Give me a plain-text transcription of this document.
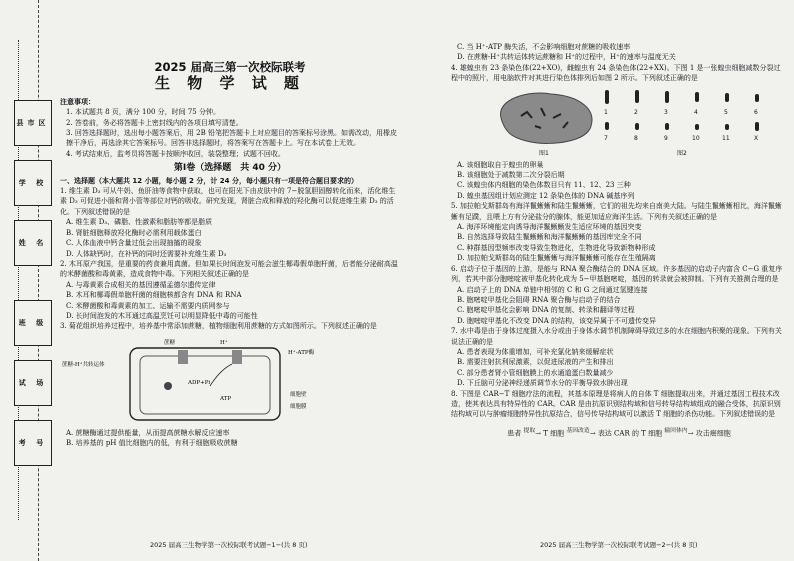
县市区
学 校
姓 名
班 级
试 场
考 号
2025 届高三第一次校际联考
生 物 学 试 题
注意事项：

1. 本试题共 8 页，满分 100 分，时间 75 分钟。

2. 答卷前，务必将答题卡上密封线内的各项目填写清楚。

3. 回答选择题时，选出每小题答案后，用 2B 铅笔把答题卡上对应题目的答案标号涂黑。如需改动，用橡皮擦干净后，再选涂其它答案标号。回答非选择题时，将答案写在答题卡上。写在本试卷上无效。

4. 考试结束后，监考员将答题卡按顺序收回，装袋整理；试题不回收。

第Ⅰ卷（选择题　共 40 分）

一、选择题（本大题共 12 小题，每小题 2 分，计 24 分，每小题只有一项是符合题目要求的）

1. 维生素 D₃ 可从牛奶、鱼肝油等食物中获取，也可在阳光下由皮肤中的 7−脱氢胆固醇转化而来，活化维生素 D₃ 可促进小肠和肾小管等部位对钙的吸收。研究发现，肾脏合成和释放的羟化酶可以促进维生素 D₃ 的活化。下列叙述错误的是

A. 维生素 D₃、磷脂、性激素和脂肪等都是脂质

B. 肾脏细胞释放羟化酶时必需利用载体蛋白

C. 人体血液中钙含量过低会出现抽搐的现象

D. 人体缺钙时，在补钙的同时还需要补充维生素 D₃

2. 木耳原产我国，是重要的药食兼用真菌。但如果长时间泡发可能会滋生椰毒假单胞杆菌，后者能分泌耐高温的米酵菌酸和毒黄素，造成食物中毒。下列相关叙述正确的是

A. 与毒黄素合成相关的基因遵循孟德尔遗传定律

B. 木耳和椰毒假单胞杆菌的细胞核都含有 DNA 和 RNA

C. 米酵菌酸和毒黄素的加工、运输不需要内质网参与

D. 长时间泡发的木耳通过高温烹饪可以明显降低中毒的可能性

3. 菊花组织培养过程中，培养基中常添加蔗糖，植物细胞利用蔗糖的方式如图所示。下列叙述正确的是

蔗糖-H⁺共转运体
蔗糖	H⁺
ADP+Pi
ATP
H⁺-ATP酶
细胞壁
细胞膜

A. 蔗糖酶通过提供能量，从而提高蔗糖水解反应速率

B. 培养基的 pH 值比细胞内的低，有利于细胞吸收蔗糖

2025 届高三生物学第一次校际联考试题−1−(共 8 页)

C. 当 H⁺-ATP 酶失活，不会影响细胞对蔗糖的吸收速率

D. 在蔗糖-H⁺共转运体转运蔗糖和 H⁺的过程中，H⁺的速率与温度无关

4. 雄蝗虫有 23 条染色体(22+XO)，雌蝗虫有 24 条染色体(22+XX)。下图 1 是一张蝗虫细胞减数分裂过程中的照片，用电脑软件对其进行染色体排列后如图 2 所示。下列叙述正确的是

1	2	3	4	5	6
7	8	9	10	11	X
图1	图2

A. 该细胞取自于蝗虫的卵巢

B. 该细胞处于减数第二次分裂后期

C. 该蝗虫体内细胞的染色体数目只有 11、12、23 三种

D. 蝗虫基因组计划应测定 12 条染色体的 DNA 碱基序列

5. 加拉帕戈斯群岛有海洋鬣蜥蜥和陆生鬣蜥蜥，它们的祖先均来自南美大陆。与陆生鬣蜥蜥相比，海洋鬣蜥蜥有足蹼，且喂上方有分泌盐分的腺体，能更加适应海洋生活。下列有关叙述正确的是

A. 海洋环境能定向诱导海洋鬣蜥蜥发生适应环境的基因突变

B. 自然选择导致陆生鬣蜥蜥和海洋鬣蜥蜥的基因库完全不同

C. 种群基因型频率改变导致生物进化，生物进化导致新物种形成

D. 加拉帕戈斯群岛的陆生鬣蜥蜥与海洋鬣蜥蜥可能存在生殖隔离

6. 启动子位于基因的上游，是能与 RNA 聚合酶结合的 DNA 区域。许多基因的启动子内富含 C−G 重复序列，若其中部分胞嘧啶被甲基化转化成为 5−甲基胞嘧啶，基因的转录就会被抑制。下列有关推测合理的是

A. 启动子上的 DNA 单链中相邻的 C 和 G 之间通过氢键连接

B. 胞嘧啶甲基化会阻碍 RNA 聚合酶与启动子的结合

C. 胞嘧啶甲基化会影响 DNA 的复制、转录和翻译等过程

D. 胞嘧啶甲基化不改变 DNA 的结构，该变异属于不可遗传变异

7. 水中毒是由于身体过度摄入水分或由于身体水调节机制障碍导致过多的水在细胞内积聚的现象。下列有关说法正确的是

A. 患者表现为体重增加，可补充氯化钠来缓解症状

B. 需要注射抗利尿激素，以促进尿液的产生和排出

C. 部分患者肾小管细胞膜上的水通道蛋白数量减少

D. 下丘脑可分泌神经递质调节水分的平衡导致水肿出现

8. 下图是 CAR−T 细胞疗法的流程，其基本原理是将病人的自体 T 细胞提取出来，并通过基因工程技术改造，使其表达具有特异性的 CAR。CAR 是由抗原识别结构域和信号转导结构域组成的融合受体，抗原识别结构域可以与肿瘤细胞特异性抗原结合，信号传导结构域可以激活 T 细胞的杀伤功能。下列叙述错误的是

患者 $^{提取}$→ T 细胞 $^{基因改造}$→ 表达 CAR 的 T 细胞 $^{输回体内}$→ 攻击癌细胞
2025 届高三生物学第一次校际联考试题−2−(共 8 页)
